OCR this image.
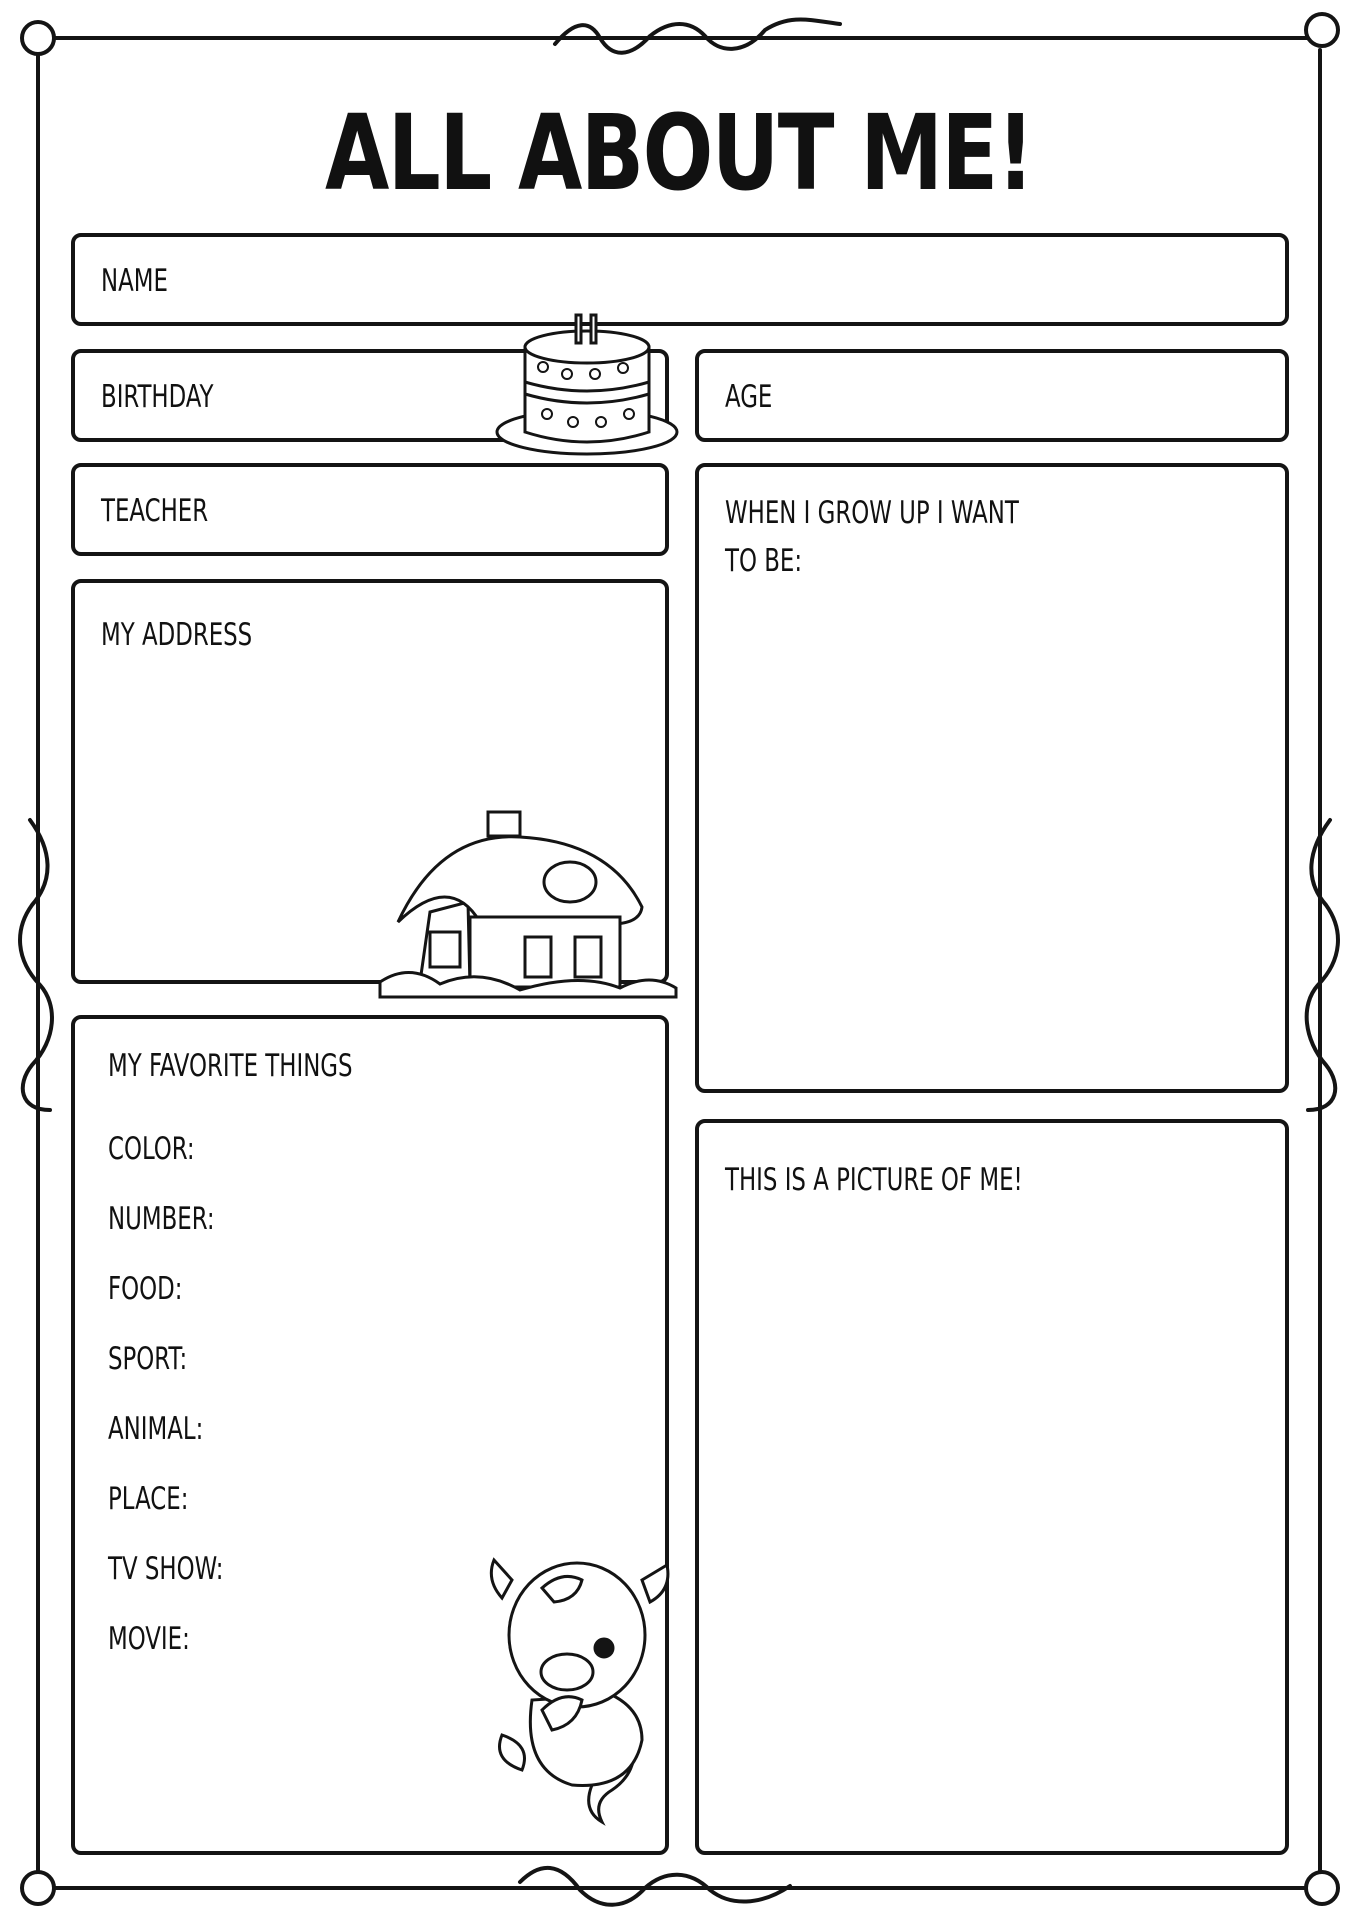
ALL ABOUT ME!
NAME
BIRTHDAY	AGE
TEACHER	WHEN I GROW UP I WANT
TO BE:
MY ADDRESS
MY FAVORITE THINGS
COLOR:
NUMBER:
FOOD:
SPORT:
ANIMAL:
PLACE:
TV SHOW:
MOVIE:
THIS IS A PICTURE OF ME!
